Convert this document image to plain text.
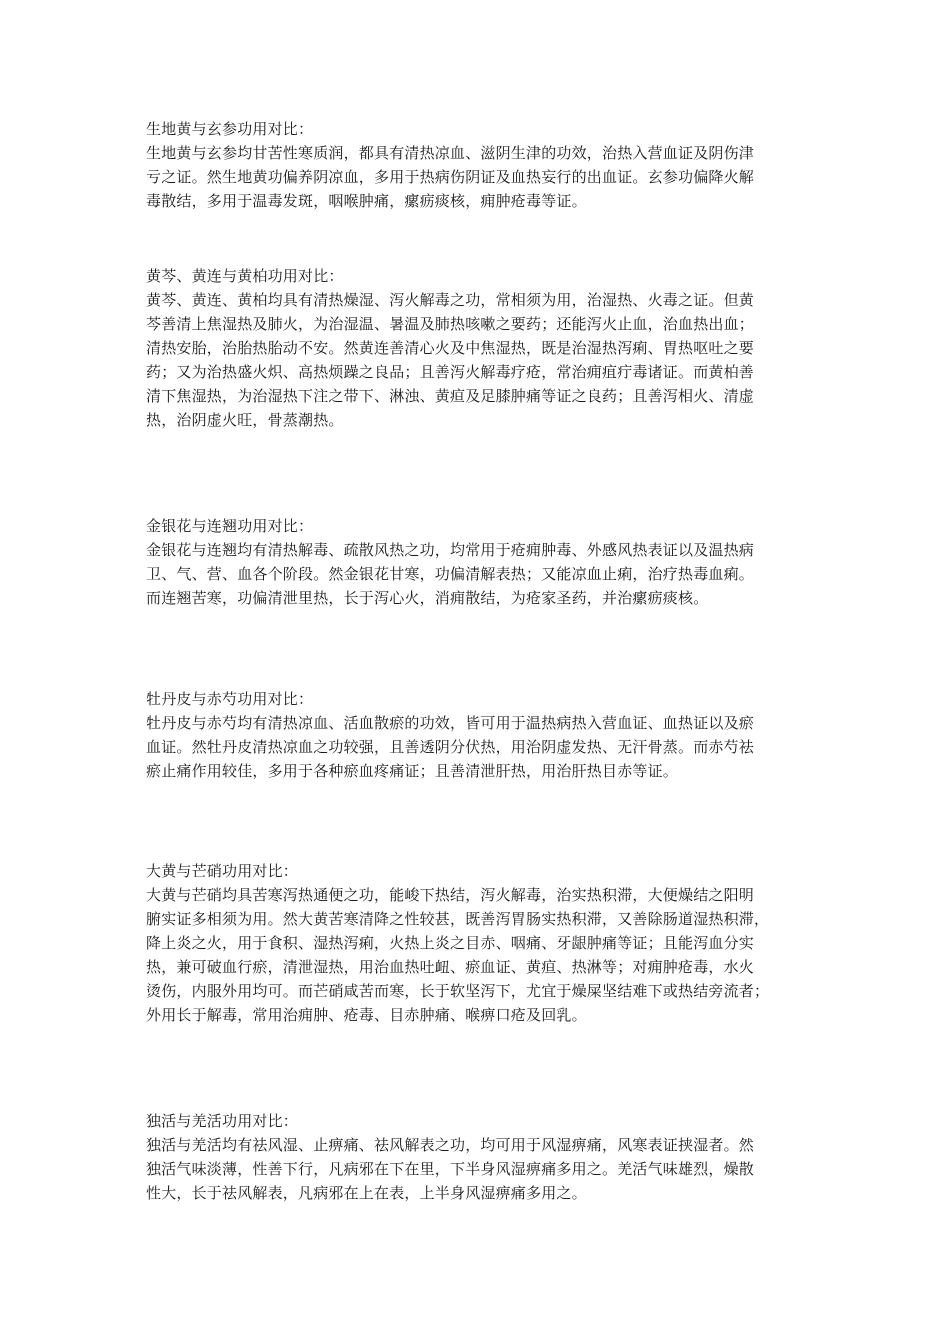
生地黄与玄参功用对比：
生地黄与玄参均甘苦性寒质润，都具有清热凉血、滋阴生津的功效，治热入营血证及阴伤津
亏之证。然生地黄功偏养阴凉血，多用于热病伤阴证及血热妄行的出血证。玄参功偏降火解
毒散结，多用于温毒发斑，咽喉肿痛，瘰疬痰核，痈肿疮毒等证。
黄芩、黄连与黄柏功用对比：
黄芩、黄连、黄柏均具有清热燥湿、泻火解毒之功，常相须为用，治湿热、火毒之证。但黄
芩善清上焦湿热及肺火，为治湿温、暑温及肺热咳嗽之要药；还能泻火止血，治血热出血；
清热安胎，治胎热胎动不安。然黄连善清心火及中焦湿热，既是治湿热泻痢、胃热呕吐之要
药；又为治热盛火炽、高热烦躁之良品；且善泻火解毒疗疮，常治痈疽疔毒诸证。而黄柏善
清下焦湿热，为治湿热下注之带下、淋浊、黄疸及足膝肿痛等证之良药；且善泻相火、清虚
热，治阴虚火旺，骨蒸潮热。
金银花与连翘功用对比：
金银花与连翘均有清热解毒、疏散风热之功，均常用于疮痈肿毒、外感风热表证以及温热病
卫、气、营、血各个阶段。然金银花甘寒，功偏清解表热；又能凉血止痢，治疗热毒血痢。
而连翘苦寒，功偏清泄里热，长于泻心火，消痈散结，为疮家圣药，并治瘰疬痰核。
牡丹皮与赤芍功用对比：
牡丹皮与赤芍均有清热凉血、活血散瘀的功效，皆可用于温热病热入营血证、血热证以及瘀
血证。然牡丹皮清热凉血之功较强，且善透阴分伏热，用治阴虚发热、无汗骨蒸。而赤芍祛
瘀止痛作用较佳，多用于各种瘀血疼痛证；且善清泄肝热，用治肝热目赤等证。
大黄与芒硝功用对比：
大黄与芒硝均具苦寒泻热通便之功，能峻下热结，泻火解毒，治实热积滞，大便燥结之阳明
腑实证多相须为用。然大黄苦寒清降之性较甚，既善泻胃肠实热积滞，又善除肠道湿热积滞，
降上炎之火，用于食积、湿热泻痢，火热上炎之目赤、咽痛、牙龈肿痛等证；且能泻血分实
热，兼可破血行瘀，清泄湿热，用治血热吐衄、瘀血证、黄疸、热淋等；对痈肿疮毒，水火
烫伤，内服外用均可。而芒硝咸苦而寒，长于软坚泻下，尤宜于燥屎坚结难下或热结旁流者；
外用长于解毒，常用治痈肿、疮毒、目赤肿痛、喉痹口疮及回乳。
独活与羌活功用对比：
独活与羌活均有祛风湿、止痹痛、祛风解表之功，均可用于风湿痹痛，风寒表证挟湿者。然
独活气味淡薄，性善下行，凡病邪在下在里，下半身风湿痹痛多用之。羌活气味雄烈，燥散
性大，长于祛风解表，凡病邪在上在表，上半身风湿痹痛多用之。
